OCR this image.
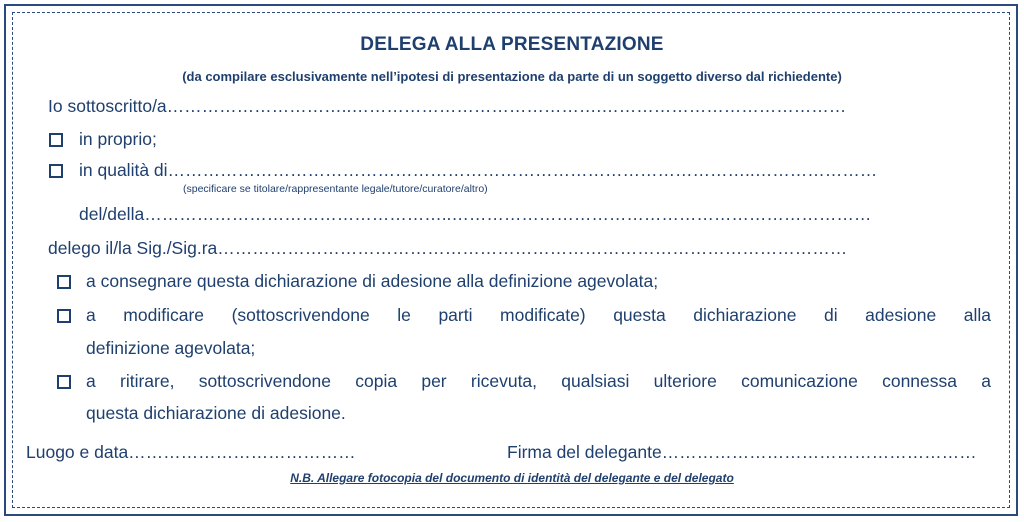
DELEGA ALLA PRESENTAZIONE
(da compilare esclusivamente nell’ipotesi di presentazione da parte di un soggetto diverso dal richiedente)
Io sottoscritto/a…………………………..…………………………………….……………………………………
in proprio;
in qualità di………………………………………………………………………………………..…………………
(specificare se titolare/rappresentante legale/tutore/curatore/altro)
del/della……………………………………………..………………………………………………………………
delego il/la Sig./Sig.ra………………………………………………………………………………………………
a consegnare questa dichiarazione di adesione alla definizione agevolata;
a modificare (sottoscrivendone le parti modificate) questa dichiarazione di adesione alla
definizione agevolata;
a ritirare, sottoscrivendone copia per ricevuta, qualsiasi ulteriore comunicazione connessa a
questa dichiarazione di adesione.
Luogo e data…………………………………	Firma del delegante………………………………………………
N.B. Allegare fotocopia del documento di identità del delegante e del delegato
